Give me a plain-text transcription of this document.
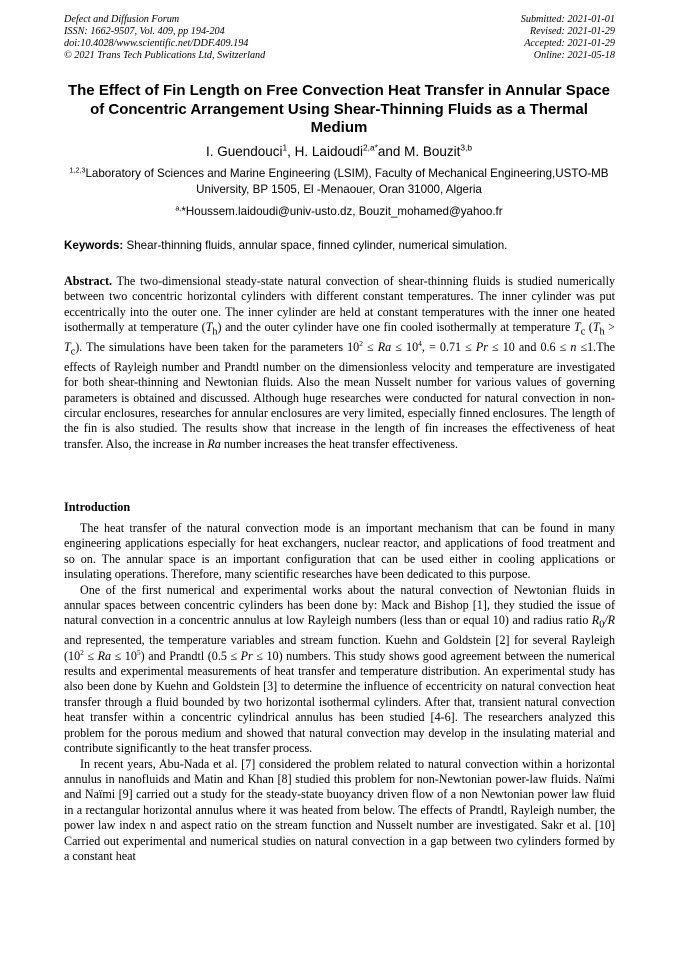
Defect and Diffusion Forum
ISSN: 1662-9507, Vol. 409, pp 194-204
doi:10.4028/www.scientific.net/DDF.409.194
© 2021 Trans Tech Publications Ltd, Switzerland
Submitted: 2021-01-01
Revised: 2021-01-29
Accepted: 2021-01-29
Online: 2021-05-18
The Effect of Fin Length on Free Convection Heat Transfer in Annular Space of Concentric Arrangement Using Shear-Thinning Fluids as a Thermal Medium
I. Guendouci$^1$, H. Laidoudi$^{2,a*}$and M. Bouzit$^{3,b}$
$^{1,2,3}$Laboratory of Sciences and Marine Engineering (LSIM), Faculty of Mechanical Engineering,USTO-MB University, BP 1505, El -Menaouer, Oran 31000, Algeria
$^{a,}$*Houssem.laidoudi@univ-usto.dz, Bouzit_mohamed@yahoo.fr
Keywords: Shear-thinning fluids, annular space, finned cylinder, numerical simulation.
Abstract. The two-dimensional steady-state natural convection of shear-thinning fluids is studied numerically between two concentric horizontal cylinders with different constant temperatures. The inner cylinder was put eccentrically into the outer one. The inner cylinder are held at constant temperatures with the inner one heated isothermally at temperature $(T_h)$ and the outer cylinder have one fin cooled isothermally at temperature $T_c$ $(T_h > T_c)$. The simulations have been taken for the parameters $10^2 \le Ra \le 10^4$, = 0.71 ≤ Pr ≤ 10 and 0.6 ≤ n ≤1.The effects of Rayleigh number and Prandtl number on the dimensionless velocity and temperature are investigated for both shear-thinning and Newtonian fluids. Also the mean Nusselt number for various values of governing parameters is obtained and discussed. Although huge researches were conducted for natural convection in non-circular enclosures, researches for annular enclosures are very limited, especially finned enclosures. The length of the fin is also studied. The results show that increase in the length of fin increases the effectiveness of heat transfer. Also, the increase in Ra number increases the heat transfer effectiveness.
Introduction

The heat transfer of the natural convection mode is an important mechanism that can be found in many engineering applications especially for heat exchangers, nuclear reactor, and applications of food treatment and so on. The annular space is an important configuration that can be used either in cooling applications or insulating operations. Therefore, many scientific researches have been dedicated to this purpose.

One of the first numerical and experimental works about the natural convection of Newtonian fluids in annular spaces between concentric cylinders has been done by: Mack and Bishop [1], they studied the issue of natural convection in a concentric annulus at low Rayleigh numbers (less than or equal 10) and radius ratio $R_0/R$ and represented, the temperature variables and stream function. Kuehn and Goldstein [2] for several Rayleigh $(10^2 \le Ra \le 10^5)$ and Prandtl (0.5 ≤ Pr ≤ 10) numbers. This study shows good agreement between the numerical results and experimental measurements of heat transfer and temperature distribution. An experimental study has also been done by Kuehn and Goldstein [3] to determine the influence of eccentricity on natural convection heat transfer through a fluid bounded by two horizontal isothermal cylinders. After that, transient natural convection heat transfer within a concentric cylindrical annulus has been studied [4-6]. The researchers analyzed this problem for the porous medium and showed that natural convection may develop in the insulating material and contribute significantly to the heat transfer process.

In recent years, Abu-Nada et al. [7] considered the problem related to natural convection within a horizontal annulus in nanofluids and Matin and Khan [8] studied this problem for non-Newtonian power-law fluids. Naïmi and Naïmi [9] carried out a study for the steady-state buoyancy driven flow of a non Newtonian power law fluid in a rectangular horizontal annulus where it was heated from below. The effects of Prandtl, Rayleigh number, the power law index n and aspect ratio on the stream function and Nusselt number are investigated. Sakr et al. [10] Carried out experimental and numerical studies on natural convection in a gap between two cylinders formed by a constant heat
